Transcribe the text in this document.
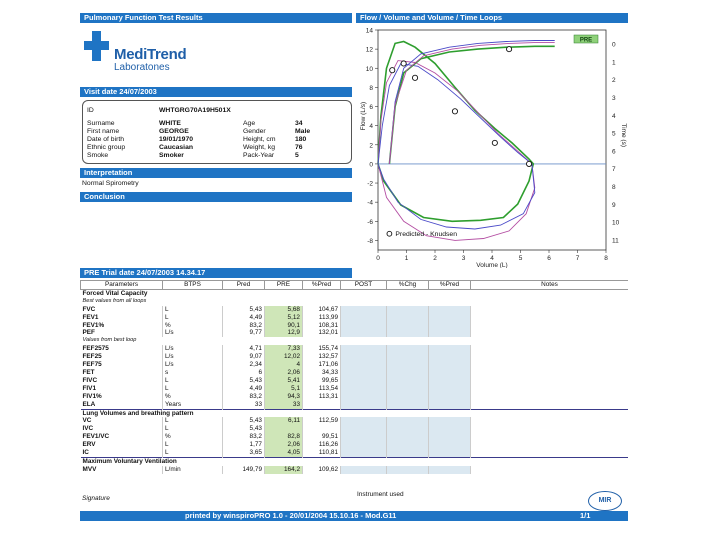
Pulmonary Function Test Results	Flow / Volume and Volume / Time Loops
MediTrend
Laboratones
Visit date 24/07/2003
ID	WHTGRG70A19H501X
Surname	WHITE	Age	34
First name	GEORGE	Gender	Male
Date of birth	19/01/1970	Height, cm	180
Ethnic group	Caucasian	Weight, kg	76
Smoke	Smoker	Pack-Year	5
Interpretation
Normal Spirometry
Conclusion
14
12
10
8
6
4
2
0
-2
-4
-6
-8
0	1	2	3	4	5	6	7	8
0
1
2
3
4
5
6
7
8
9
10
11
Volume (L)
Flow (L/s)
Time (s)
PRE
Predicted - Knudsen
PRE Trial date 24/07/2003 14.34.17
Parameters	BTPS	Pred	PRE	%Pred	POST	%Chg	%Pred	Notes
Forced Vital Capacity								
Best values from all loops								
FVC	L	5,43	5,68	104,67				
FEV1	L	4,49	5,12	113,99				
FEV1%	%	83,2	90,1	108,31				
PEF	L/s	9,77	12,9	132,01				
Values from best loop								
FEF2575	L/s	4,71	7,33	155,74				
FEF25	L/s	9,07	12,02	132,57				
FEF75	L/s	2,34	4	171,06				
FET	s	6	2,06	34,33				
FIVC	L	5,43	5,41	99,65				
FIV1	L	4,49	5,1	113,54				
FIV1%	%	83,2	94,3	113,31				
ELA	Years	33	33					
Lung Volumes and breathing pattern								
VC	L	5,43	6,11	112,59				
IVC	L	5,43						
FEV1/VC	%	83,2	82,8	99,51				
ERV	L	1,77	2,06	116,26				
IC	L	3,65	4,05	110,81				
Maximum Voluntary Ventilation								
MVV	L/min	149,79	164,2	109,62				
Signature
Instrument used
MIR
printed by winspiroPRO 1.0 - 20/01/2004 15.10.16 - Mod.G11	1/1
